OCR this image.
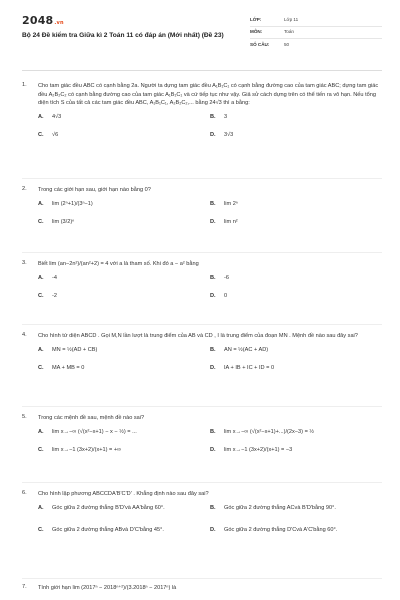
2048.vn
Bộ 24 Đề kiểm tra Giữa kì 2 Toán 11 có đáp án (Mới nhất) (Đề 23)
LỚP:	Lớp 11
MÔN:	Toán
SỐ CÂU:	50
1.	Cho tam giác đều ABC có cạnh bằng 2a. Người ta dựng tam giác đều A₁B₁C₁ có cạnh bằng đường cao của tam giác ABC; dựng tam giác đều A₂B₂C₂ có cạnh bằng đường cao của tam giác A₁B₁C₁ và cứ tiếp tục như vậy. Giả sử cách dựng trên có thể tiến ra vô hạn. Nếu tổng diện tích S của tất cả các tam giác đều ABC, A₁B₁C₁, A₂B₂C₂,... bằng 24√3 thì a bằng:
A.	4√3	B.	3
C.	√6	D.	3√3
2.	Trong các giới hạn sau, giới hạn nào bằng 0?
A.	lim (2ⁿ+1)/(3ⁿ−1)	B.	lim 2ⁿ
C.	lim (3/2)ⁿ	D.	lim n²
3.	Biết lim (an−2n²)/(an²+2) = 4 với a là tham số. Khi đó a − a² bằng
A.	-4	B.	-6
C.	-2	D.	0
4.	Cho hình tứ diện ABCD . Gọi M,N lần lượt là trung điểm của AB và CD , I là trung điểm của đoạn MN . Mệnh đề nào sau đây sai?
A.	MN = ½(AD + CB)	B.	AN = ½(AC + AD)
C.	MA + MB = 0	D.	IA + IB + IC + ID = 0
5.	Trong các mệnh đề sau, mệnh đề nào sai?
A.	lim x→−∞ (√(x²−x+1) − x − ½) = ...	B.	lim x→−∞ (√(x²−x+1)+...)/(2x−3) = ½
C.	lim x→−1 (3x+2)/(x+1) = +∞	D.	lim x→−1 (3x+2)/(x+1) = −3
6.	Cho hình lập phương ABCCDA'B'C'D' . Khẳng định nào sau đây sai?
A.	Góc giữa 2 đường thẳng B'D'và AA'bằng 60°.	B.	Góc giữa 2 đường thẳng ACvà B'D'bằng 90°.
C.	Góc giữa 2 đường thẳng ABvà D'C'bằng 45°.	D.	Góc giữa 2 đường thẳng D'Cvà A'C'bằng 60°.
7.	Tính giới hạn lim (2017ⁿ − 2018ⁿ⁺²)/(3.2018ⁿ − 2017ⁿ) là
